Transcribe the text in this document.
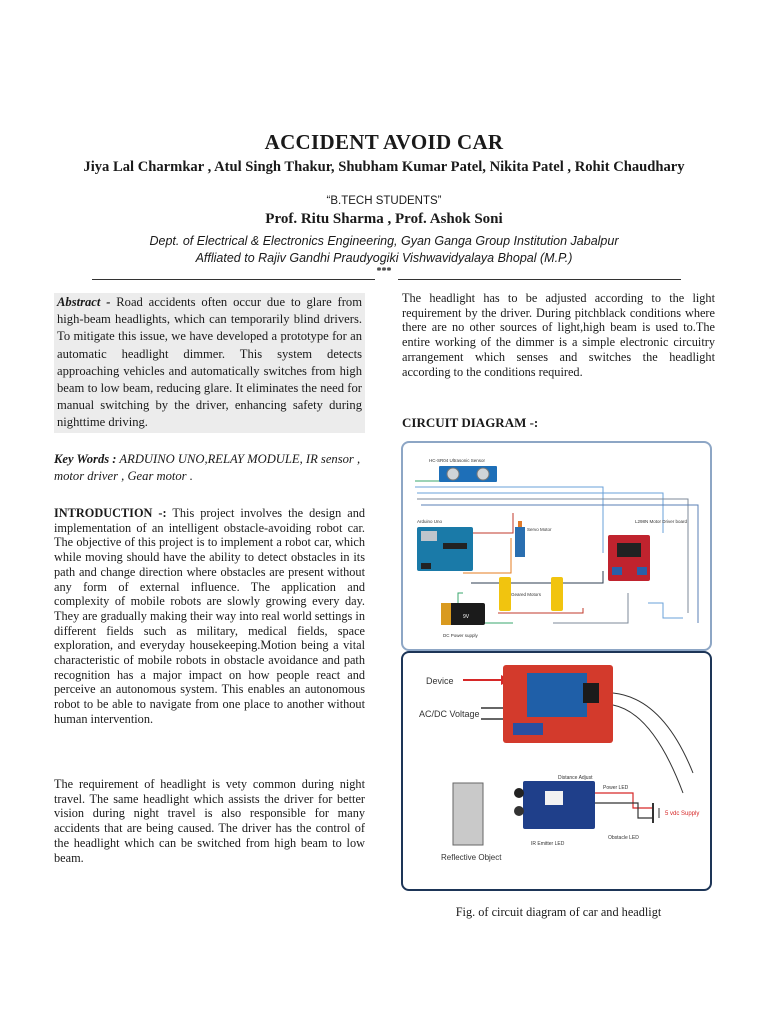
ACCIDENT AVOID CAR
Jiya Lal Charmkar , Atul Singh Thakur, Shubham Kumar Patel, Nikita Patel , Rohit Chaudhary
“B.TECH STUDENTS”
Prof. Ritu Sharma , Prof. Ashok Soni
Dept. of Electrical & Electronics Engineering, Gyan Ganga Group Institution Jabalpur
Affliated to Rajiv Gandhi Praudyogiki Vishwavidyalaya Bhopal (M.P.)
***
Abstract - Road accidents often occur due to glare from high-beam headlights, which can temporarily blind drivers. To mitigate this issue, we have developed a prototype for an automatic headlight dimmer. This system detects approaching vehicles and automatically switches from high beam to low beam, reducing glare. It eliminates the need for manual switching by the driver, enhancing safety during nighttime driving.
Key Words : ARDUINO UNO,RELAY MODULE, IR sensor , motor driver , Gear motor .
INTRODUCTION -: This project involves the design and implementation of an intelligent obstacle-avoiding robot car. The objective of this project is to implement a robot car, which while moving should have the ability to detect obstacles in its path and change direction where obstacles are present without any form of external influence. The application and complexity of mobile robots are slowly growing every day. They are gradually making their way into real world settings in different fields such as military, medical fields, space exploration, and everyday housekeeping.Motion being a vital characteristic of mobile robots in obstacle avoidance and path recognition has a major impact on how people react and perceive an autonomous system. This enables an autonomous robot to be able to navigate from one place to another without human intervention.
The requirement of headlight is vety common during night travel. The same headlight which assists the driver for better vision during night travel is also responsible for many accidents that are being caused. The driver has the control of the headlight which can be switched from high beam to low beam.
The headlight has to be adjusted according to the light requirement by the driver. During pitchblack conditions where there are no other sources of light,high beam is used to.The entire working of the dimmer is a simple electronic circuitry arrangement which senses and switches the headlight according to the conditions required.
CIRCUIT DIAGRAM -:
HC-SR04 Ultrasonic Sensor
Arduino Uno
Servo Motor
L298N Motor Driver board
Geared Motors
9V
DC Power supply
Device
AC/DC Voltage
Reflective Object
Distance Adjust
Power LED
IR Emitter LED
Obstacle LED
5 vdc Supply
Fig. of circuit diagram of car and headligt
